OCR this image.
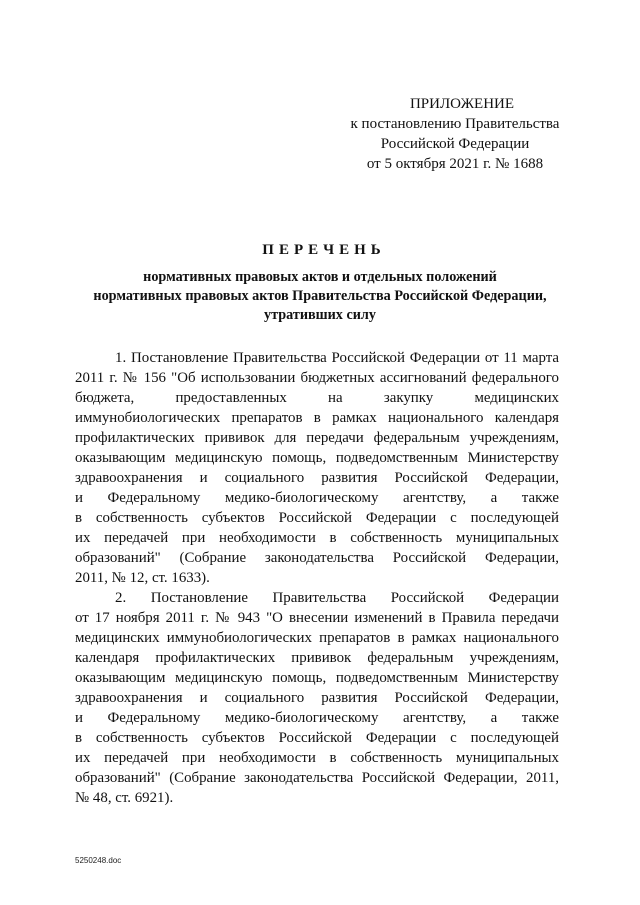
ПРИЛОЖЕНИЕ
к постановлению Правительства
Российской Федерации
от 5 октября 2021 г. № 1688
ПЕРЕЧЕНЬ
нормативных правовых актов и отдельных положений
нормативных правовых актов Правительства Российской Федерации,
утративших силу

1. Постановление Правительства Российской Федерации от 11 марта
2011 г. № 156 "Об использовании бюджетных ассигнований федерального
бюджета, предоставленных на закупку медицинских
иммунобиологических препаратов в рамках национального календаря
профилактических прививок для передачи федеральным учреждениям,
оказывающим медицинскую помощь, подведомственным Министерству
здравоохранения и социального развития Российской Федерации,
и Федеральному медико-биологическому агентству, а также
в собственность субъектов Российской Федерации с последующей
их передачей при необходимости в собственность муниципальных
образований" (Собрание законодательства Российской Федерации,
2011, № 12, ст. 1633).

2. Постановление Правительства Российской Федерации
от 17 ноября 2011 г. № 943 "О внесении изменений в Правила передачи
медицинских иммунобиологических препаратов в рамках национального
календаря профилактических прививок федеральным учреждениям,
оказывающим медицинскую помощь, подведомственным Министерству
здравоохранения и социального развития Российской Федерации,
и Федеральному медико-биологическому агентству, а также
в собственность субъектов Российской Федерации с последующей
их передачей при необходимости в собственность муниципальных
образований" (Собрание законодательства Российской Федерации, 2011,
№ 48, ст. 6921).

5250248.doc
